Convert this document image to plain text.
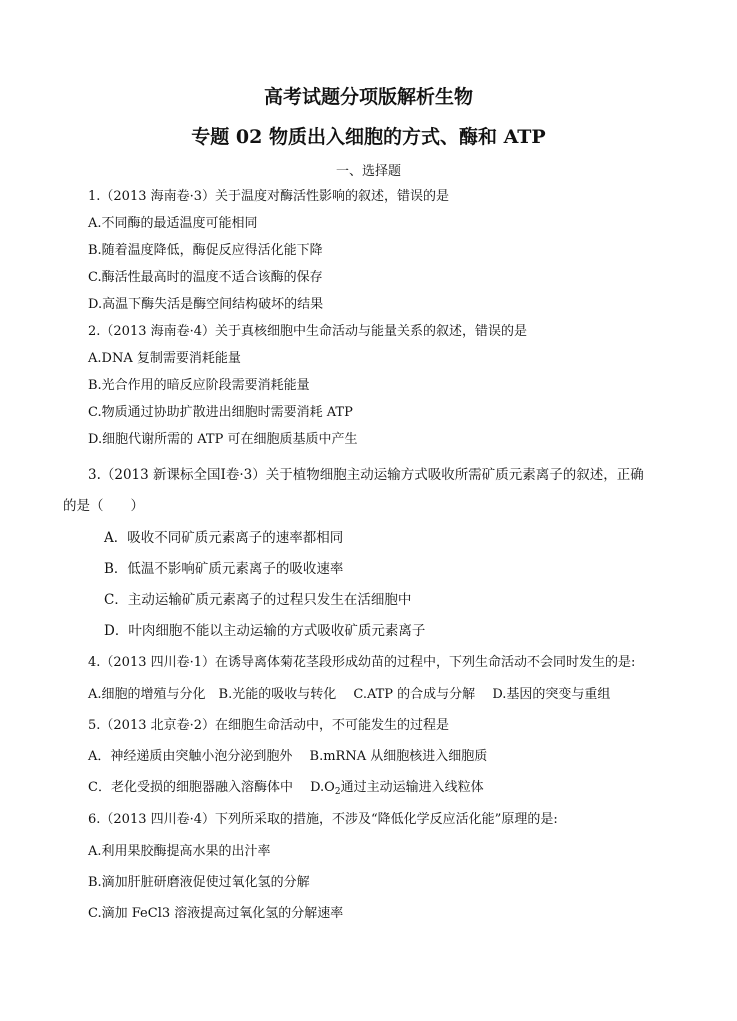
高考试题分项版解析生物
专题 02 物质出入细胞的方式、酶和 ATP
一、选择题
1.（2013 海南卷·3）关于温度对酶活性影响的叙述，错误的是
A.不同酶的最适温度可能相同
B.随着温度降低，酶促反应得活化能下降
C.酶活性最高时的温度不适合该酶的保存
D.高温下酶失活是酶空间结构破坏的结果
2.（2013 海南卷·4）关于真核细胞中生命活动与能量关系的叙述，错误的是
A.DNA 复制需要消耗能量
B.光合作用的暗反应阶段需要消耗能量
C.物质通过协助扩散进出细胞时需要消耗 ATP
D.细胞代谢所需的 ATP 可在细胞质基质中产生
3.（2013 新课标全国Ⅰ卷·3）关于植物细胞主动运输方式吸收所需矿质元素离子的叙述，正确
的是（　　）
A．吸收不同矿质元素离子的速率都相同
B．低温不影响矿质元素离子的吸收速率
C．主动运输矿质元素离子的过程只发生在活细胞中
D．叶肉细胞不能以主动运输的方式吸收矿质元素离子
4.（2013 四川卷·1）在诱导离体菊花茎段形成幼苗的过程中，下列生命活动不会同时发生的是:
A.细胞的增殖与分化　B.光能的吸收与转化　 C.ATP 的合成与分解　 D.基因的突变与重组
5.（2013 北京卷·2）在细胞生命活动中，不可能发生的过程是
A．神经递质由突触小泡分泌到胞外　 B.mRNA 从细胞核进入细胞质
C．老化受损的细胞器融入溶酶体中　 $D.O_2$通过主动运输进入线粒体
6.（2013 四川卷·4）下列所采取的措施，不涉及“降低化学反应活化能”原理的是:
A.利用果胶酶提高水果的出汁率
B.滴加肝脏研磨液促使过氧化氢的分解
C.滴加 FeCl3 溶液提高过氧化氢的分解速率
